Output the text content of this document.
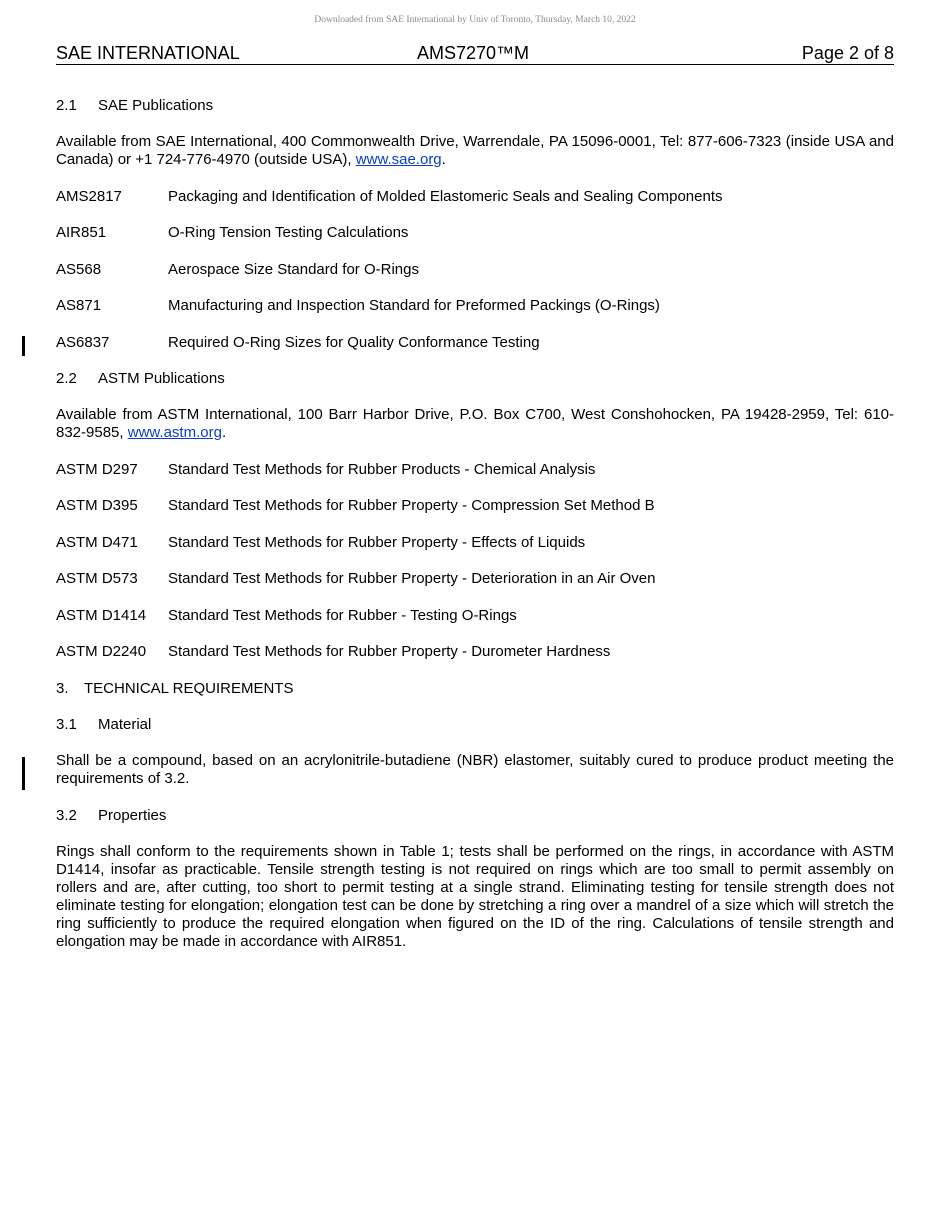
Downloaded from SAE International by Univ of Toronto, Thursday, March 10, 2022
SAE INTERNATIONAL	AMS7270™M	Page 2 of 8
2.1 SAE Publications
Available from SAE International, 400 Commonwealth Drive, Warrendale, PA 15096-0001, Tel: 877-606-7323 (inside USA and Canada) or +1 724-776-4970 (outside USA), www.sae.org.
AMS2817	Packaging and Identification of Molded Elastomeric Seals and Sealing Components
AIR851	O-Ring Tension Testing Calculations
AS568	Aerospace Size Standard for O-Rings
AS871	Manufacturing and Inspection Standard for Preformed Packings (O-Rings)
AS6837	Required O-Ring Sizes for Quality Conformance Testing
2.2 ASTM Publications
Available from ASTM International, 100 Barr Harbor Drive, P.O. Box C700, West Conshohocken, PA 19428-2959, Tel: 610-832-9585, www.astm.org.
ASTM D297 Standard Test Methods for Rubber Products - Chemical Analysis
ASTM D395 Standard Test Methods for Rubber Property - Compression Set Method B
ASTM D471 Standard Test Methods for Rubber Property - Effects of Liquids
ASTM D573 Standard Test Methods for Rubber Property - Deterioration in an Air Oven
ASTM D1414 Standard Test Methods for Rubber - Testing O-Rings
ASTM D2240 Standard Test Methods for Rubber Property - Durometer Hardness
3. TECHNICAL REQUIREMENTS
3.1 Material
Shall be a compound, based on an acrylonitrile-butadiene (NBR) elastomer, suitably cured to produce product meeting the requirements of 3.2.
3.2 Properties
Rings shall conform to the requirements shown in Table 1; tests shall be performed on the rings, in accordance with ASTM D1414, insofar as practicable. Tensile strength testing is not required on rings which are too small to permit assembly on rollers and are, after cutting, too short to permit testing at a single strand. Eliminating testing for tensile strength does not eliminate testing for elongation; elongation test can be done by stretching a ring over a mandrel of a size which will stretch the ring sufficiently to produce the required elongation when figured on the ID of the ring. Calculations of tensile strength and elongation may be made in accordance with AIR851.
